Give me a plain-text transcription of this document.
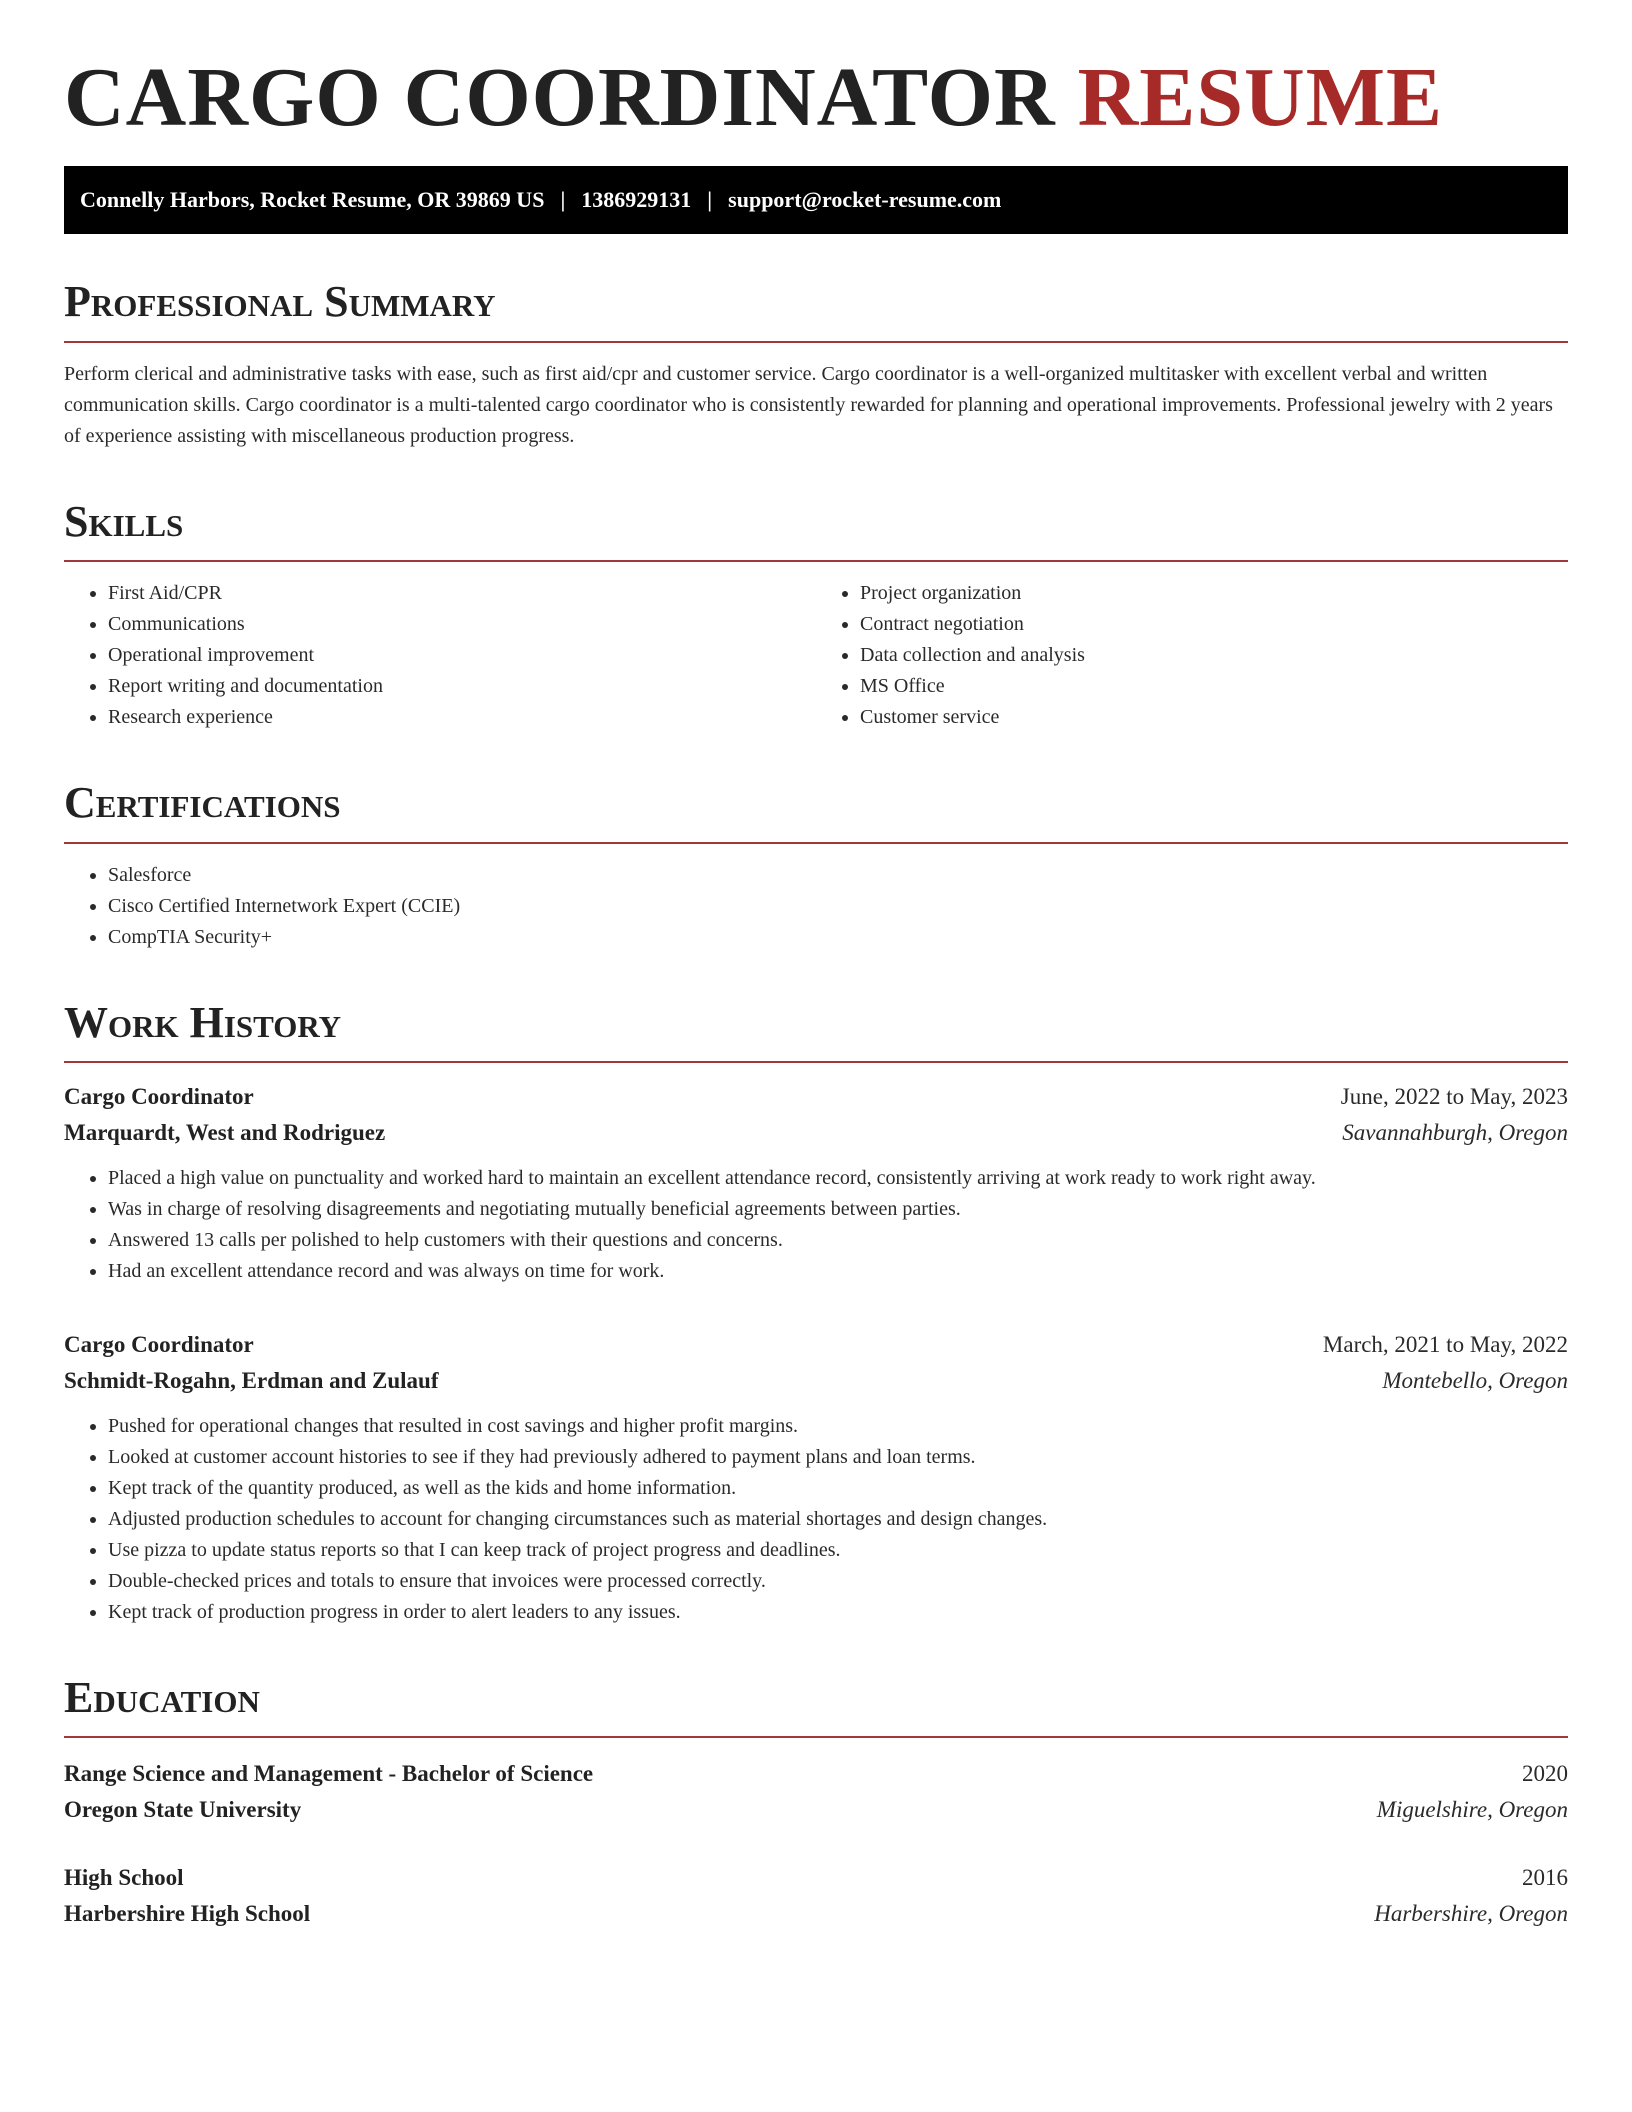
CARGO COORDINATOR RESUME
Connelly Harbors, Rocket Resume, OR 39869 US | 1386929131 | support@rocket-resume.com
Professional Summary

Perform clerical and administrative tasks with ease, such as first aid/cpr and customer service. Cargo coordinator is a well-organized multitasker with excellent verbal and written communication skills. Cargo coordinator is a multi-talented cargo coordinator who is consistently rewarded for planning and operational improvements. Professional jewelry with 2 years of experience assisting with miscellaneous production progress.

Skills
• First Aid/CPR
• Communications
• Operational improvement
• Report writing and documentation
• Research experience
• Project organization
• Contract negotiation
• Data collection and analysis
• MS Office
• Customer service
Certifications
• Salesforce
• Cisco Certified Internetwork Expert (CCIE)
• CompTIA Security+
Work History
Cargo Coordinator	June, 2022 to May, 2023
Marquardt, West and Rodriguez	Savannahburgh, Oregon
• Placed a high value on punctuality and worked hard to maintain an excellent attendance record, consistently arriving at work ready to work right away.
• Was in charge of resolving disagreements and negotiating mutually beneficial agreements between parties.
• Answered 13 calls per polished to help customers with their questions and concerns.
• Had an excellent attendance record and was always on time for work.
Cargo Coordinator	March, 2021 to May, 2022
Schmidt-Rogahn, Erdman and Zulauf	Montebello, Oregon
• Pushed for operational changes that resulted in cost savings and higher profit margins.
• Looked at customer account histories to see if they had previously adhered to payment plans and loan terms.
• Kept track of the quantity produced, as well as the kids and home information.
• Adjusted production schedules to account for changing circumstances such as material shortages and design changes.
• Use pizza to update status reports so that I can keep track of project progress and deadlines.
• Double-checked prices and totals to ensure that invoices were processed correctly.
• Kept track of production progress in order to alert leaders to any issues.
Education
Range Science and Management - Bachelor of Science	2020
Oregon State University	Miguelshire, Oregon
High School	2016
Harbershire High School	Harbershire, Oregon
